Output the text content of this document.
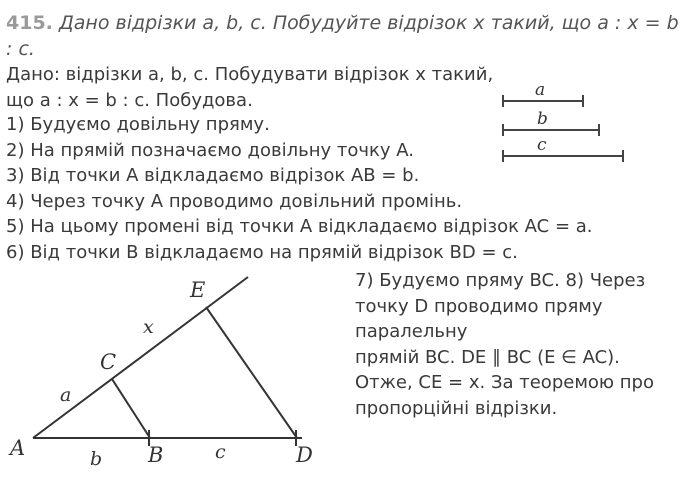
415. Дано відрізки a, b, c. Побудуйте відрізок x такий, що a : x = b : c.

Дано: відрізки a, b, c. Побудувати відрізок x такий,

що a : x = b : c. Побудова.

1) Будуємо довільну пряму.

2) На прямій позначаємо довільну точку A.

3) Від точки A відкладаємо відрізок AB = b.

4) Через точку A проводимо довільний промінь.

5) На цьому промені від точки A відкладаємо відрізок AC = a.

6) Від точки B відкладаємо на прямій відрізок BD = c.

7) Будуємо пряму BC. 8) Через

точку D проводимо пряму

паралельну

прямій BC. DE ∥ BC (E ∈ AC).

Отже, CE = x. За теоремою про

пропорційні відрізки.

a
b
c
A	B
C
D
E
a
x
b	c
